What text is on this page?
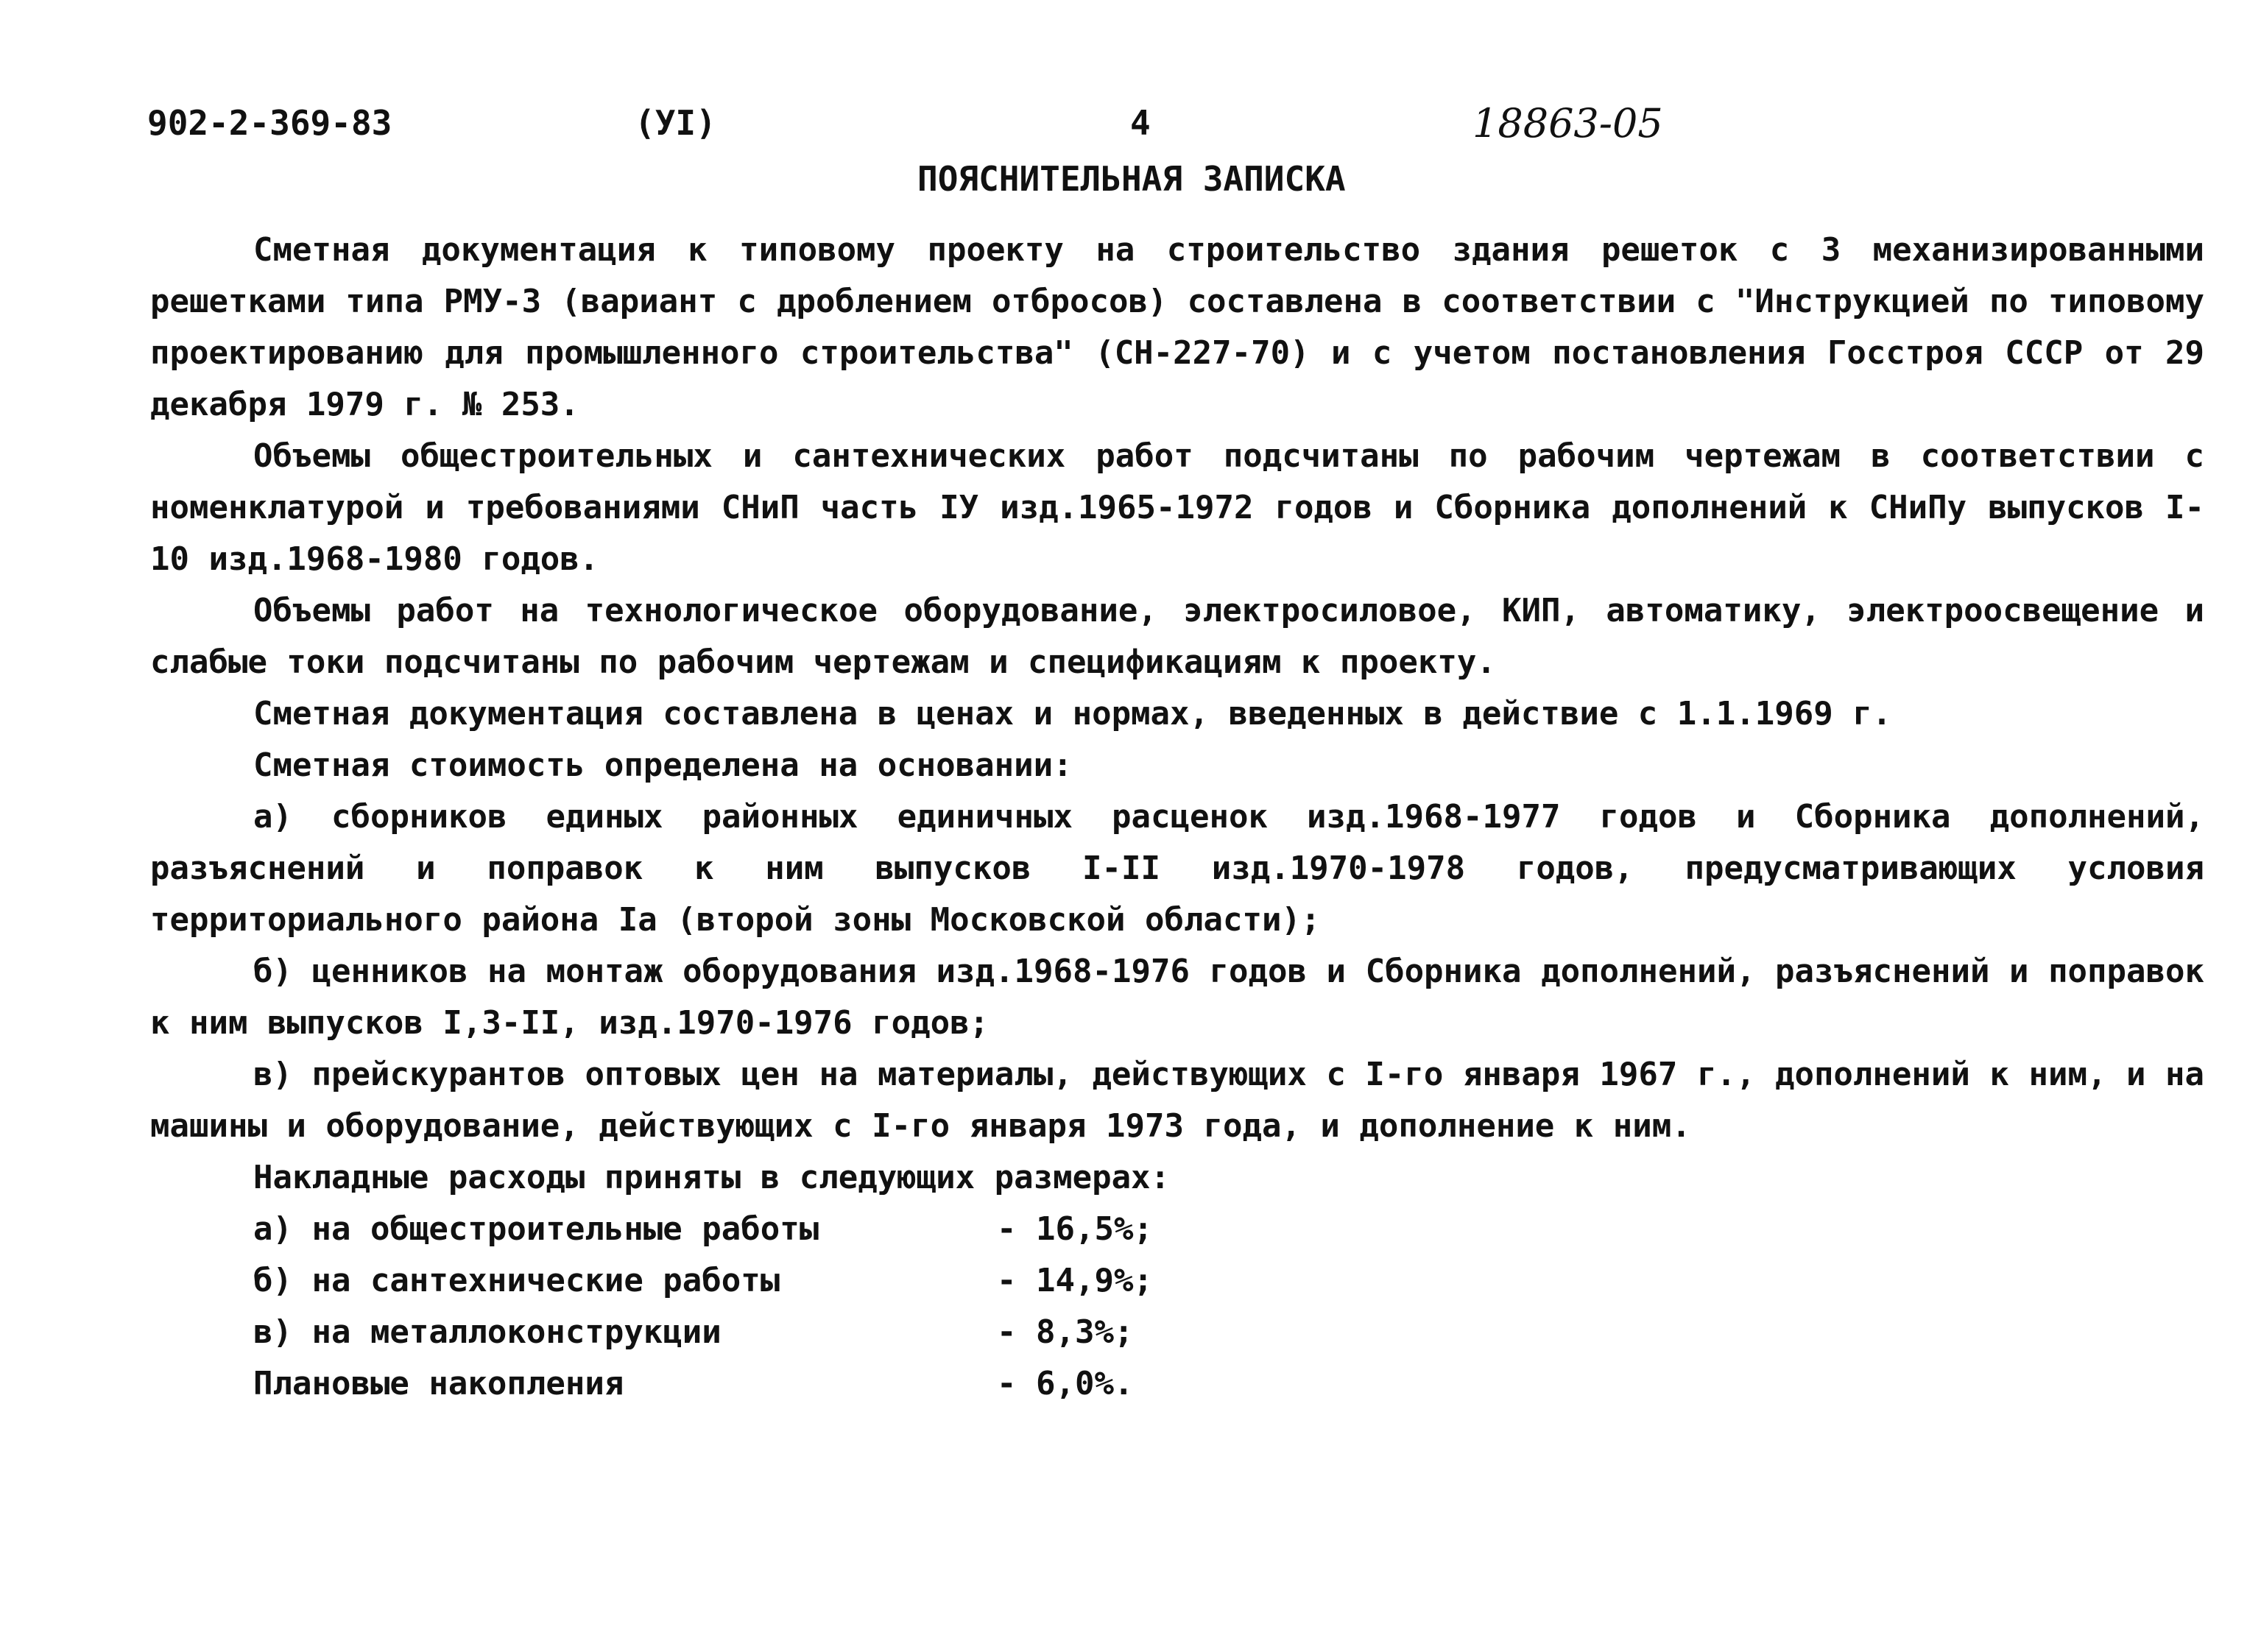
902-2-369-83	(УI)	4	18863-05
ПОЯСНИТЕЛЬНАЯ ЗАПИСКА

Сметная документация к типовому проекту на строительство здания решеток с 3 механизированными решетками типа РМУ-3 (вариант с дроблением отбросов) составлена в соответствии с "Инструкцией по типовому проектированию для промышленного строительства" (СН-227-70) и с учетом постановления Госстроя СССР от 29 декабря 1979 г. № 253.

Объемы общестроительных и сантехнических работ подсчитаны по рабочим чертежам в соответствии с номенклатурой и требованиями СНиП часть IУ изд.1965-1972 годов и Сборника дополнений к СНиПу выпусков I-10 изд.1968-1980 годов.

Объемы работ на технологическое оборудование, электросиловое, КИП, автоматику, электроосвещение и слабые токи подсчитаны по рабочим чертежам и спецификациям к проекту.

Сметная документация составлена в ценах и нормах, введенных в действие с 1.1.1969 г.

Сметная стоимость определена на основании:

а) сборников единых районных единичных расценок изд.1968-1977 годов и Сборника дополнений, разъяснений и поправок к ним выпусков I-II изд.1970-1978 годов, предусматривающих условия территориального района Iа (второй зоны Московской области);

б) ценников на монтаж оборудования изд.1968-1976 годов и Сборника дополнений, разъяснений и поправок к ним выпусков I,3-II, изд.1970-1976 годов;

в) прейскурантов оптовых цен на материалы, действующих с I-го января 1967 г., дополнений к ним, и на машины и оборудование, действующих с I-го января 1973 года, и дополнение к ним.

Накладные расходы приняты в следующих размерах:

а) на общестроительные работы	- 16,5%;

б) на сантехнические работы	- 14,9%;

в) на металлоконструкции	- 8,3%;

Плановые накопления	- 6,0%.
